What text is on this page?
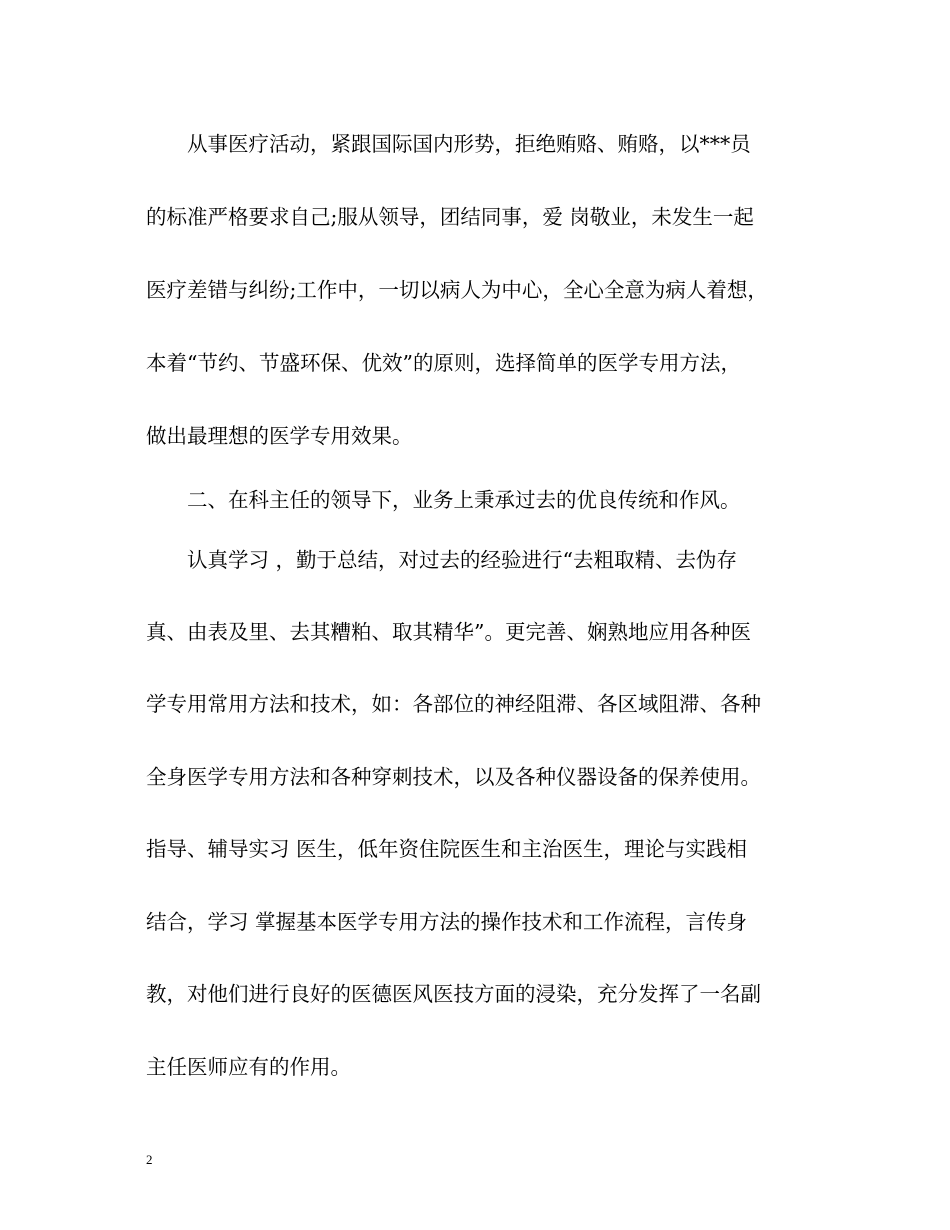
从事医疗活动，紧跟国际国内形势，拒绝贿赂、贿赂，以***员
的标准严格要求自己;服从领导，团结同事，爱 岗敬业，未发生一起
医疗差错与纠纷;工作中，一切以病人为中心，全心全意为病人着想，
本着“节约、节盛环保、优效”的原则，选择简单的医学专用方法，
做出最理想的医学专用效果。
二、在科主任的领导下，业务上秉承过去的优良传统和作风。
认真学习 ，勤于总结，对过去的经验进行“去粗取精、去伪存
真、由表及里、去其糟粕、取其精华”。更完善、娴熟地应用各种医
学专用常用方法和技术，如：各部位的神经阻滞、各区域阻滞、各种
全身医学专用方法和各种穿刺技术，以及各种仪器设备的保养使用。
指导、辅导实习 医生，低年资住院医生和主治医生，理论与实践相
结合，学习 掌握基本医学专用方法的操作技术和工作流程，言传身
教，对他们进行良好的医德医风医技方面的浸染，充分发挥了一名副
主任医师应有的作用。
2
